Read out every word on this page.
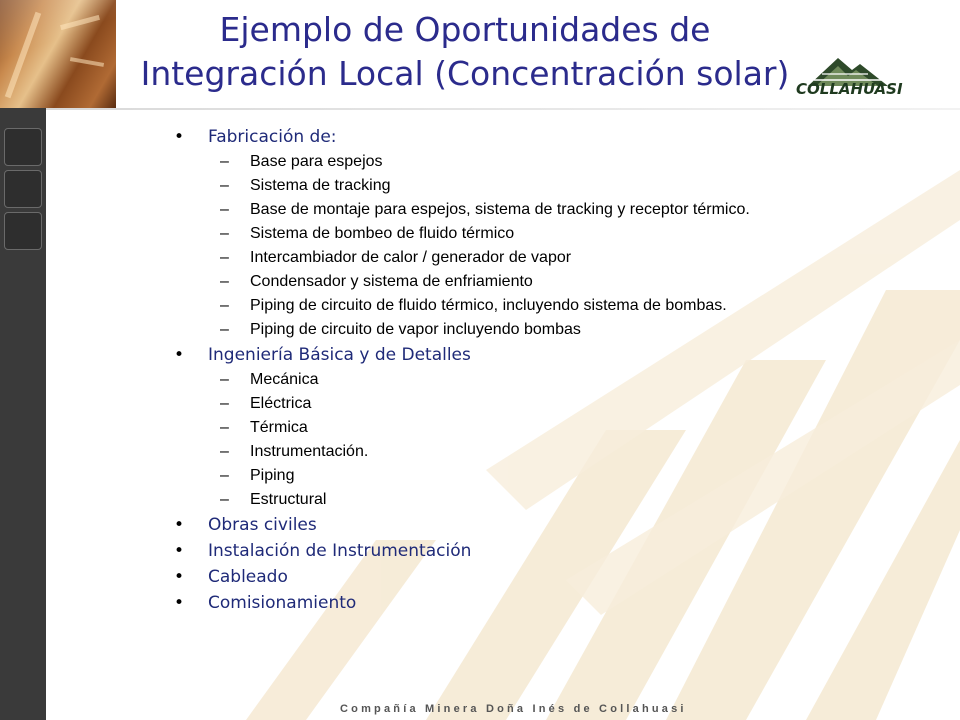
Ejemplo de Oportunidades de
Integración Local (Concentración solar) COLLAHUASI
• Fabricación de:
– Base para espejos
– Sistema de tracking
– Base de montaje para espejos, sistema de tracking y receptor térmico.
– Sistema de bombeo de fluido térmico
– Intercambiador de calor / generador de vapor
– Condensador y sistema de enfriamiento
– Piping de circuito de fluido térmico, incluyendo sistema de bombas.
– Piping de circuito de vapor incluyendo bombas
• Ingeniería Básica y de Detalles
– Mecánica
– Eléctrica
– Térmica
– Instrumentación.
– Piping
– Estructural
• Obras civiles
• Instalación de Instrumentación
• Cableado
• Comisionamiento
Compañía Minera Doña Inés de Collahuasi
